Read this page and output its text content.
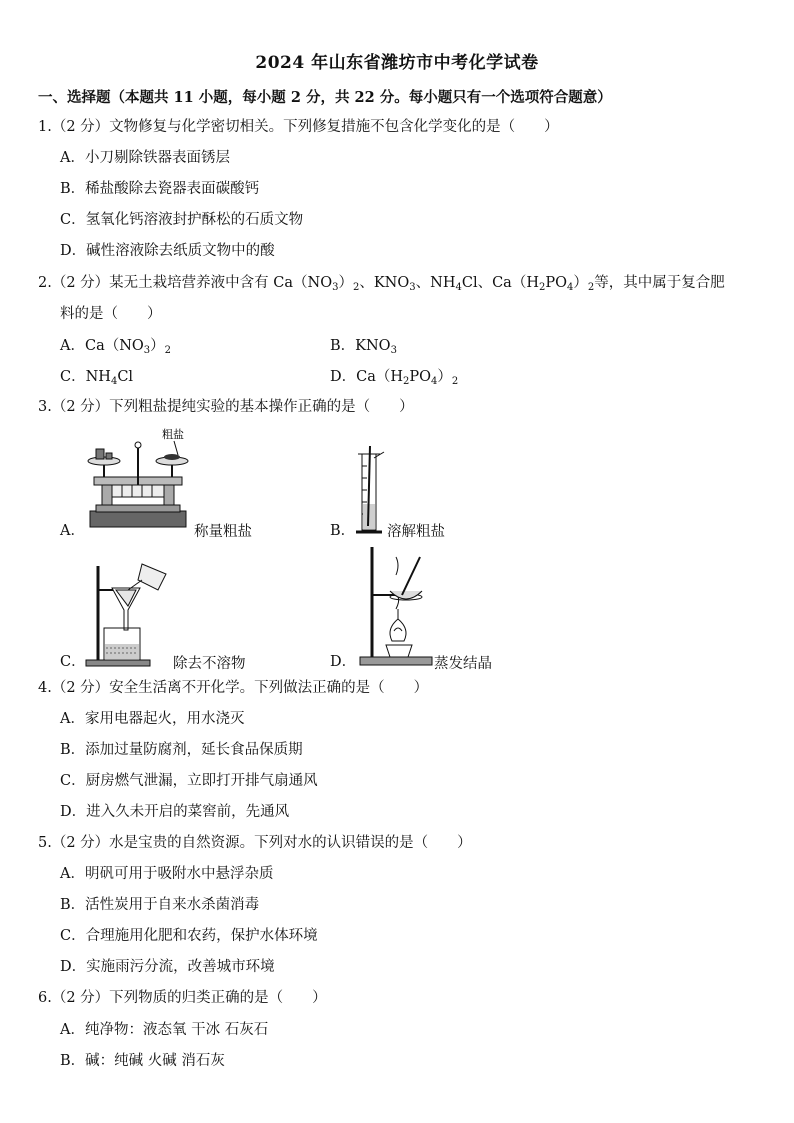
2024 年山东省潍坊市中考化学试卷
一、选择题（本题共 11 小题，每小题 2 分，共 22 分。每小题只有一个选项符合题意）
1.（2 分）文物修复与化学密切相关。下列修复措施不包含化学变化的是（　　）
A．小刀剔除铁器表面锈层
B．稀盐酸除去瓷器表面碳酸钙
C．氢氧化钙溶液封护酥松的石质文物
D．碱性溶液除去纸质文物中的酸
2.（2 分）某无土栽培营养液中含有 $Ca(NO_3)_2$、$KNO_3$、$NH_4Cl$、$Ca(H_2PO_4)_2$等，其中属于复合肥
料的是（　　）
A．$Ca(NO_3)_2$	B．$KNO_3$
C．$NH_4Cl$	D．$Ca(H_2PO_4)_2$
3.（2 分）下列粗盐提纯实验的基本操作正确的是（　　）
A．
粗盐
称量粗盐	B． 溶解粗盐
C．	除去不溶物	D．	蒸发结晶
4.（2 分）安全生活离不开化学。下列做法正确的是（　　）
A．家用电器起火，用水浇灭
B．添加过量防腐剂，延长食品保质期
C．厨房燃气泄漏，立即打开排气扇通风
D．进入久未开启的菜窖前，先通风
5.（2 分）水是宝贵的自然资源。下列对水的认识错误的是（　　）
A．明矾可用于吸附水中悬浮杂质
B．活性炭用于自来水杀菌消毒
C．合理施用化肥和农药，保护水体环境
D．实施雨污分流，改善城市环境
6.（2 分）下列物质的归类正确的是（　　）
A．纯净物：液态氧 干冰 石灰石
B．碱：纯碱 火碱 消石灰
